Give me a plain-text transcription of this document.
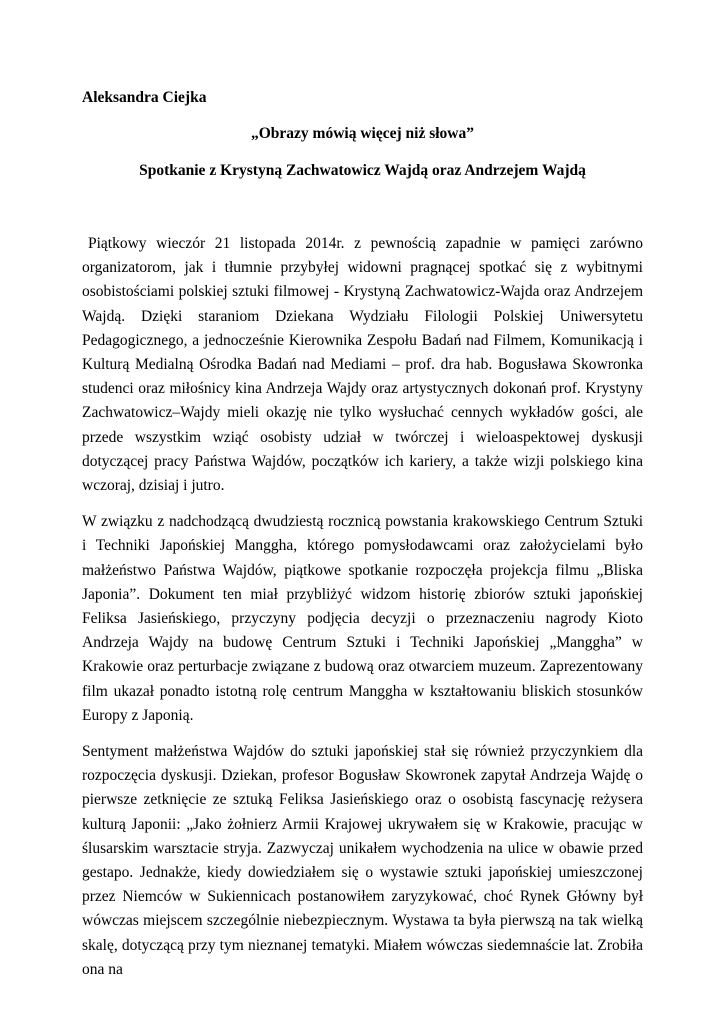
Aleksandra Ciejka
„Obrazy mówią więcej niż słowa”
Spotkanie z Krystyną Zachwatowicz Wajdą oraz Andrzejem Wajdą

Piątkowy wieczór 21 listopada 2014r. z pewnością zapadnie w pamięci zarówno organizatorom, jak i tłumnie przybyłej widowni pragnącej spotkać się z wybitnymi osobistościami polskiej sztuki filmowej - Krystyną Zachwatowicz-Wajda oraz Andrzejem Wajdą. Dzięki staraniom Dziekana Wydziału Filologii Polskiej Uniwersytetu Pedagogicznego, a jednocześnie Kierownika Zespołu Badań nad Filmem, Komunikacją i Kulturą Medialną Ośrodka Badań nad Mediami – prof. dra hab. Bogusława Skowronka studenci oraz miłośnicy kina Andrzeja Wajdy oraz artystycznych dokonań prof. Krystyny Zachwatowicz–Wajdy mieli okazję nie tylko wysłuchać cennych wykładów gości, ale przede wszystkim wziąć osobisty udział w twórczej i wieloaspektowej dyskusji dotyczącej pracy Państwa Wajdów, początków ich kariery, a także wizji polskiego kina wczoraj, dzisiaj i jutro.

W związku z nadchodzącą dwudziestą rocznicą powstania krakowskiego Centrum Sztuki i Techniki Japońskiej Manggha, którego pomysłodawcami oraz założycielami było małżeństwo Państwa Wajdów, piątkowe spotkanie rozpoczęła projekcja filmu „Bliska Japonia”. Dokument ten miał przybliżyć widzom historię zbiorów sztuki japońskiej Feliksa Jasieńskiego, przyczyny podjęcia decyzji o przeznaczeniu nagrody Kioto Andrzeja Wajdy na budowę Centrum Sztuki i Techniki Japońskiej „Manggha” w Krakowie oraz perturbacje związane z budową oraz otwarciem muzeum. Zaprezentowany film ukazał ponadto istotną rolę centrum Manggha w kształtowaniu bliskich stosunków Europy z Japonią.

Sentyment małżeństwa Wajdów do sztuki japońskiej stał się również przyczynkiem dla rozpoczęcia dyskusji. Dziekan, profesor Bogusław Skowronek zapytał Andrzeja Wajdę o pierwsze zetknięcie ze sztuką Feliksa Jasieńskiego oraz o osobistą fascynację reżysera kulturą Japonii: „Jako żołnierz Armii Krajowej ukrywałem się w Krakowie, pracując w ślusarskim warsztacie stryja. Zazwyczaj unikałem wychodzenia na ulice w obawie przed gestapo. Jednakże, kiedy dowiedziałem się o wystawie sztuki japońskiej umieszczonej przez Niemców w Sukiennicach postanowiłem zaryzykować, choć Rynek Główny był wówczas miejscem szczególnie niebezpiecznym. Wystawa ta była pierwszą na tak wielką skalę, dotyczącą przy tym nieznanej tematyki. Miałem wówczas siedemnaście lat. Zrobiła ona na
